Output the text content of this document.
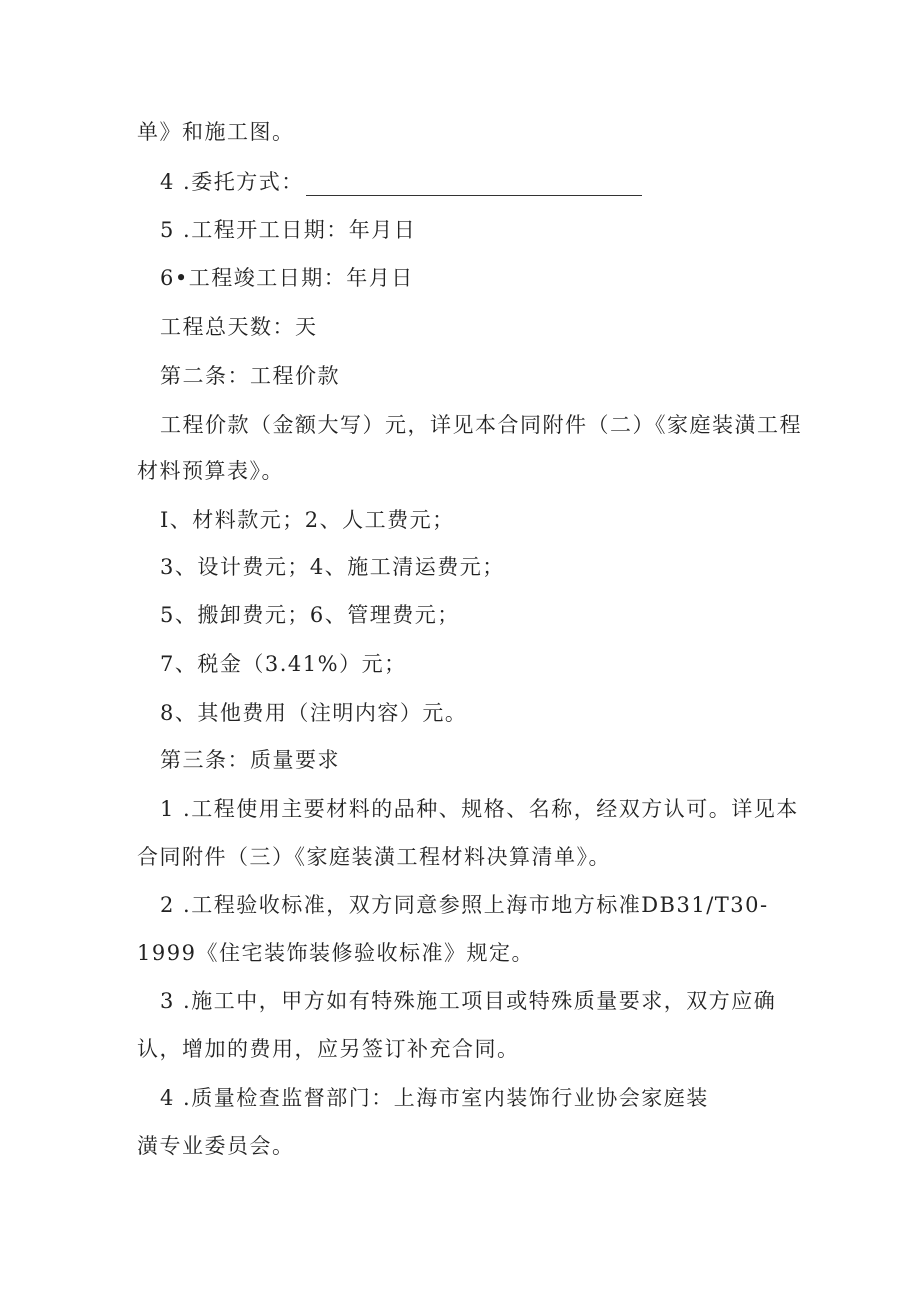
单》和施工图。

4 .委托方式：

5 .工程开工日期：年月日

6•工程竣工日期：年月日

工程总天数：天

第二条：工程价款

工程价款（金额大写）元，详见本合同附件（二）《家庭装潢工程

材料预算表》。

I、材料款元；2、人工费元；

3、设计费元；4、施工清运费元；

5、搬卸费元；6、管理费元；

7、税金（3.41%）元；

8、其他费用（注明内容）元。

第三条：质量要求

1 .工程使用主要材料的品种、规格、名称，经双方认可。详见本

合同附件（三）《家庭装潢工程材料决算清单》。

2 .工程验收标准，双方同意参照上海市地方标准DB31/T30-

1999《住宅装饰装修验收标准》规定。

3 .施工中，甲方如有特殊施工项目或特殊质量要求，双方应确

认，增加的费用，应另签订补充合同。

4 .质量检查监督部门：上海市室内装饰行业协会家庭装

潢专业委员会。
